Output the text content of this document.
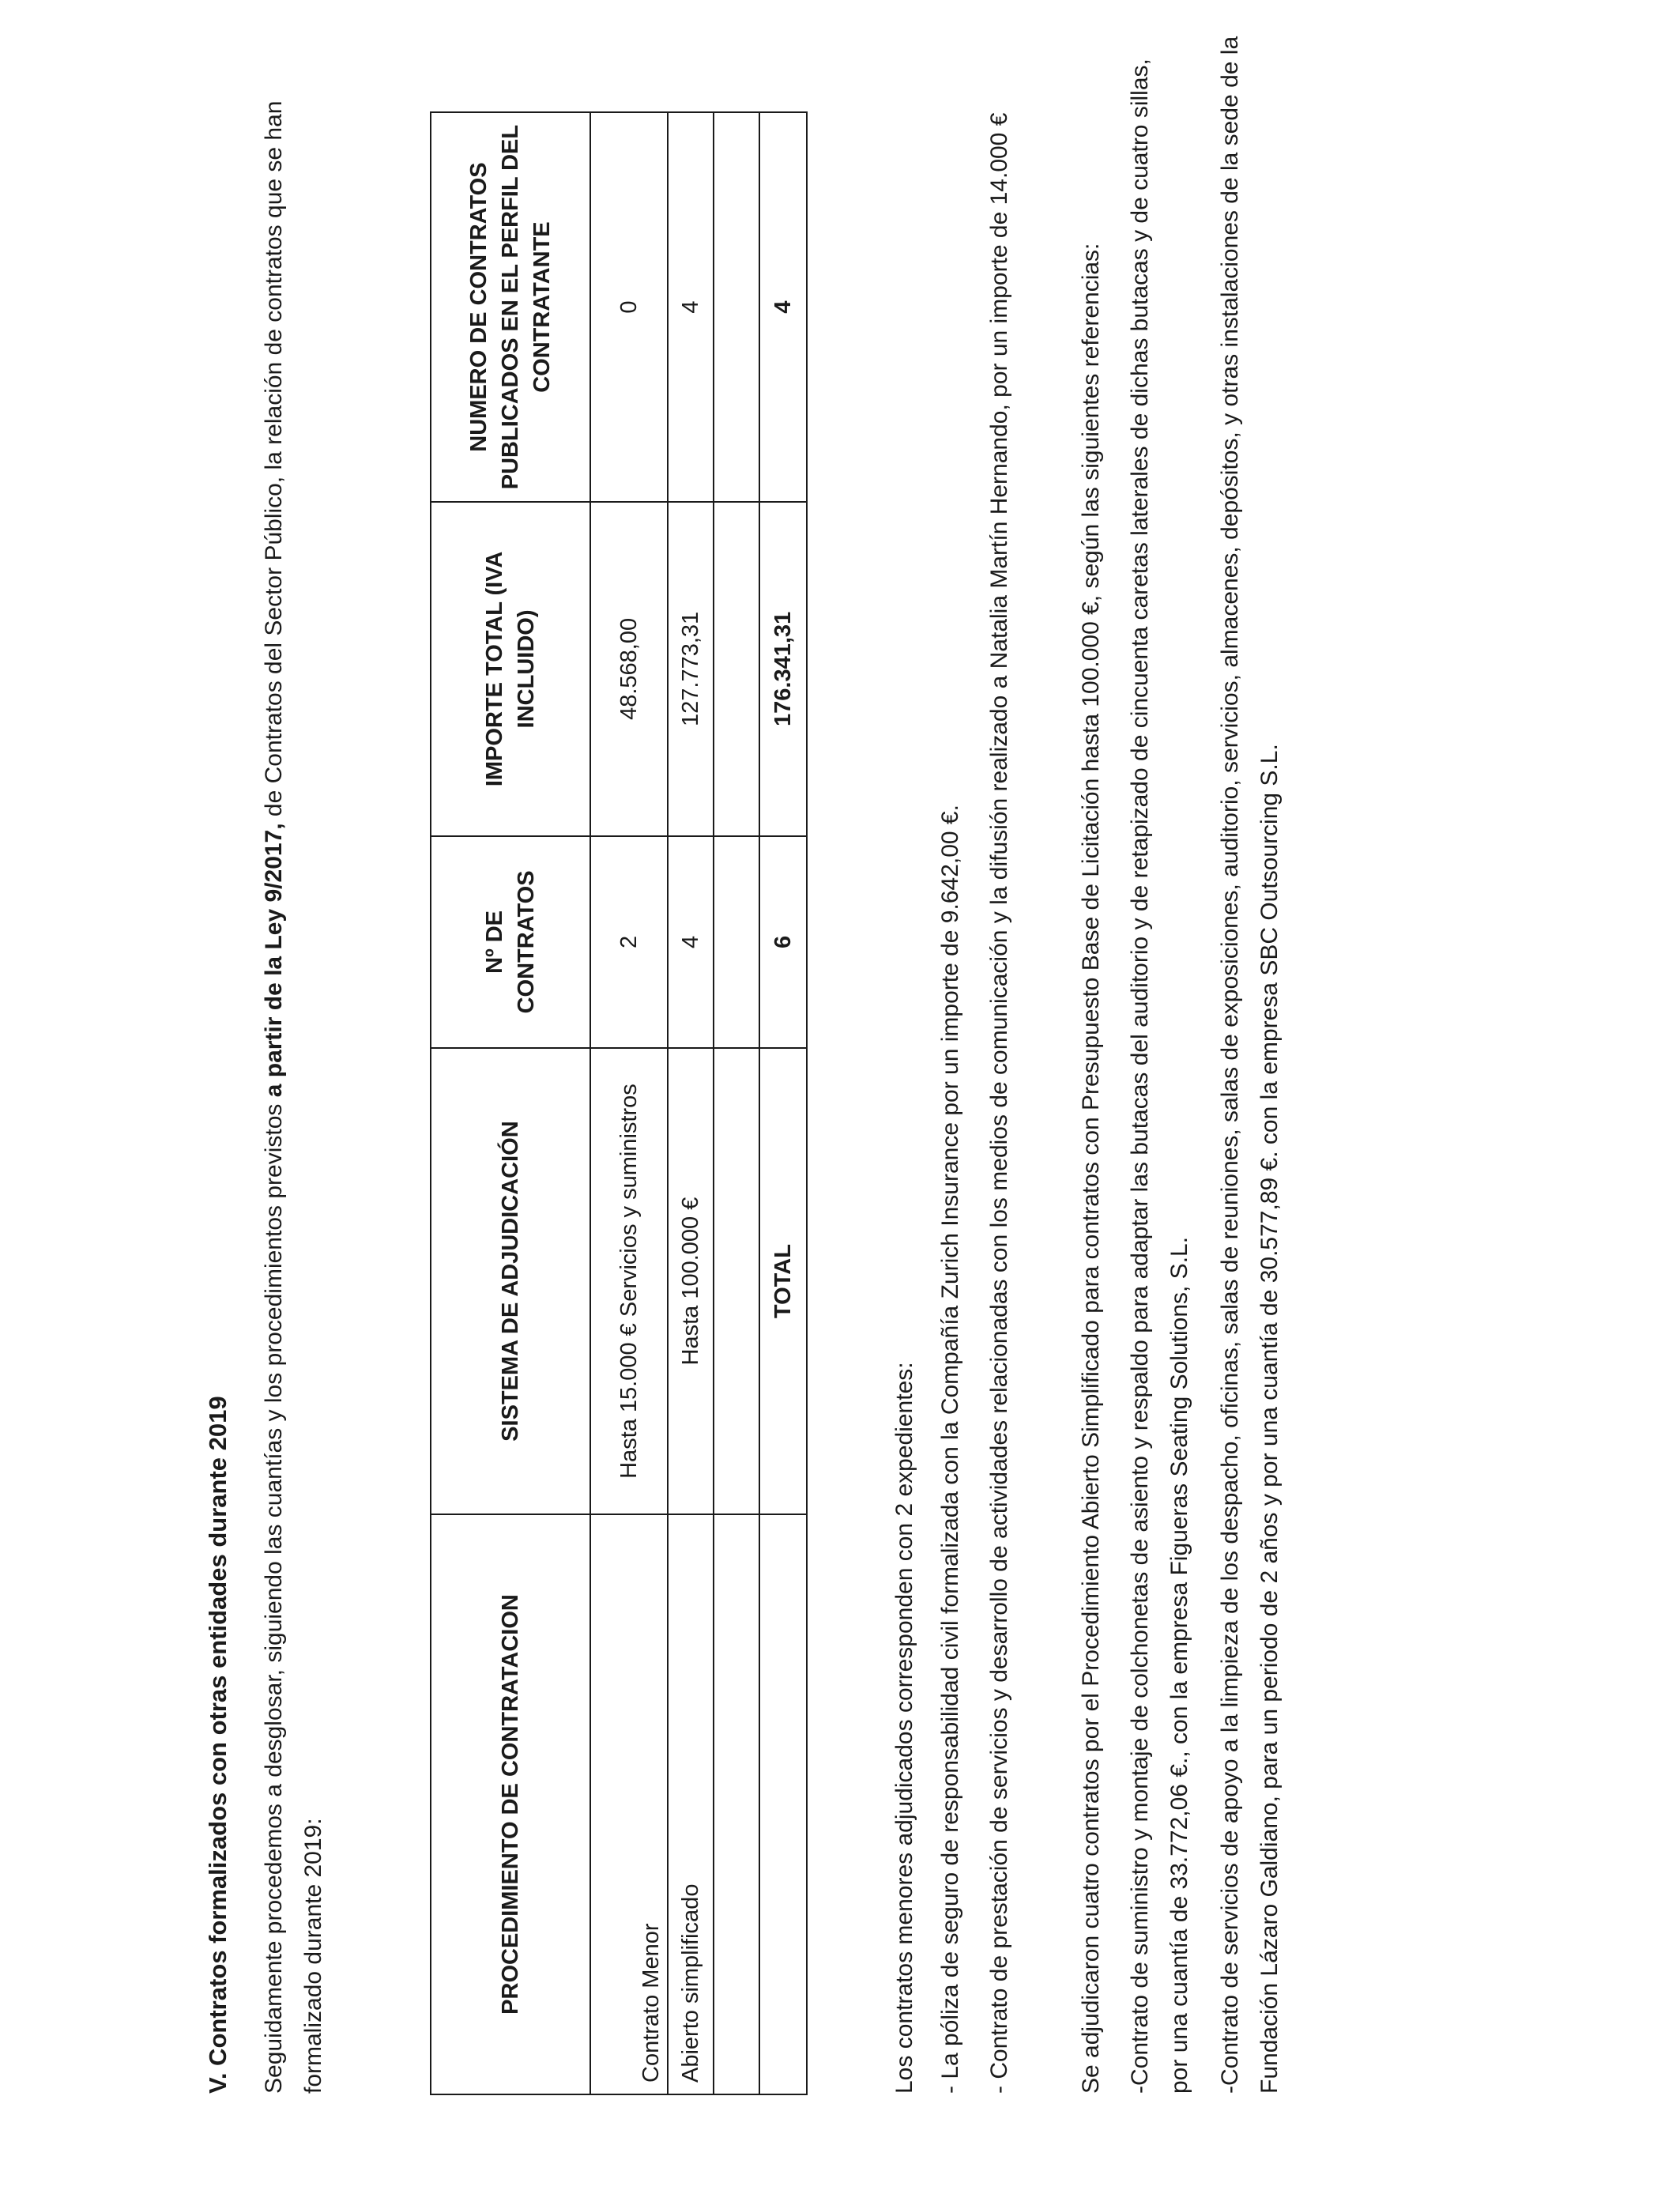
V. Contratos formalizados con otras entidades durante 2019 Seguidamente procedemos a desglosar, siguiendo las cuantías y los procedimientos previstos a partir de la Ley 9/2017, de Contratos del Sector Público, la relación de contratos que se han formalizado durante 2019:	PROCEDIMIENTO DE CONTRATACION	SISTEMA DE ADJUDICACIÓN	Nº DE CONTRATOS	IMPORTE TOTAL (IVA INCLUIDO)	NUMERO DE CONTRATOS PUBLICADOS EN EL PERFIL DEL CONTRATANTE
Contrato Menor	Hasta 15.000 € Servicios y suministros	2	48.568,00	0
Abierto simplificado	Hasta 100.000 €	4	127.773,31	4

	TOTAL	6	176.341,31	4
Los contratos menores adjudicados corresponden con 2 expedientes: - La póliza de seguro de responsabilidad civil formalizada con la Compañía Zurich Insurance por un importe de 9.642,00 €. - Contrato de prestación de servicios y desarrollo de actividades relacionadas con los medios de comunicación y la difusión realizado a Natalia Martín Hernando, por un importe de 14.000 €	Se adjudicaron cuatro contratos por el Procedimiento Abierto Simplificado para contratos con Presupuesto Base de Licitación hasta 100.000 €, según las siguientes referencias: -Contrato de suministro y montaje de colchonetas de asiento y respaldo para adaptar las butacas del auditorio y de retapizado de cincuenta caretas laterales de dichas butacas y de cuatro sillas, por una cuantía de 33.772,06 €., con la empresa Figueras Seating Solutions, S.L.	-Contrato de servicios de apoyo a la limpieza de los despacho, oficinas, salas de reuniones, salas de exposiciones, auditorio, servicios, almacenes, depósitos, y otras instalaciones de la sede de la Fundación Lázaro Galdiano, para un periodo de 2 años y por una cuantía de 30.577,89 €. con la empresa SBC Outsourcing S.L.
